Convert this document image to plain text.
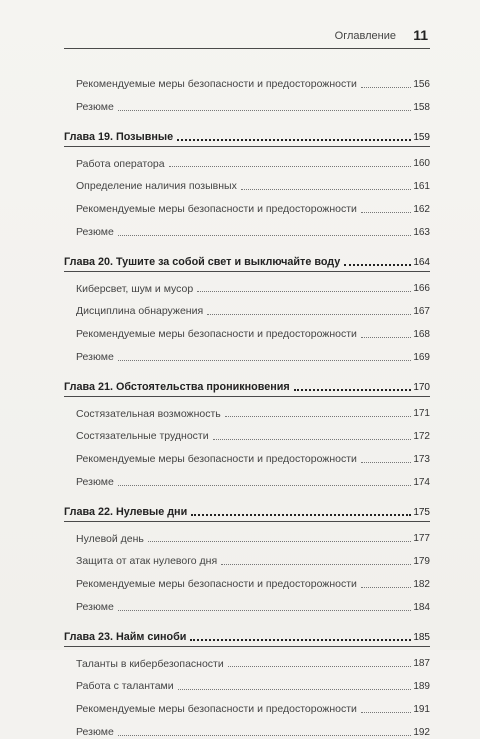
Оглавление 11
Рекомендуемые меры безопасности и предосторожности	156
Резюме	158
Глава 19. Позывные	159
Работа оператора	160
Определение наличия позывных	161
Рекомендуемые меры безопасности и предосторожности	162
Резюме	163
Глава 20. Тушите за собой свет и выключайте воду	164
Киберсвет, шум и мусор	166
Дисциплина обнаружения	167
Рекомендуемые меры безопасности и предосторожности	168
Резюме	169
Глава 21. Обстоятельства проникновения	170
Состязательная возможность	171
Состязательные трудности	172
Рекомендуемые меры безопасности и предосторожности	173
Резюме	174
Глава 22. Нулевые дни	175
Нулевой день	177
Защита от атак нулевого дня	179
Рекомендуемые меры безопасности и предосторожности	182
Резюме	184
Глава 23. Найм синоби	185
Таланты в кибербезопасности	187
Работа с талантами	189
Рекомендуемые меры безопасности и предосторожности	191
Резюме	192
